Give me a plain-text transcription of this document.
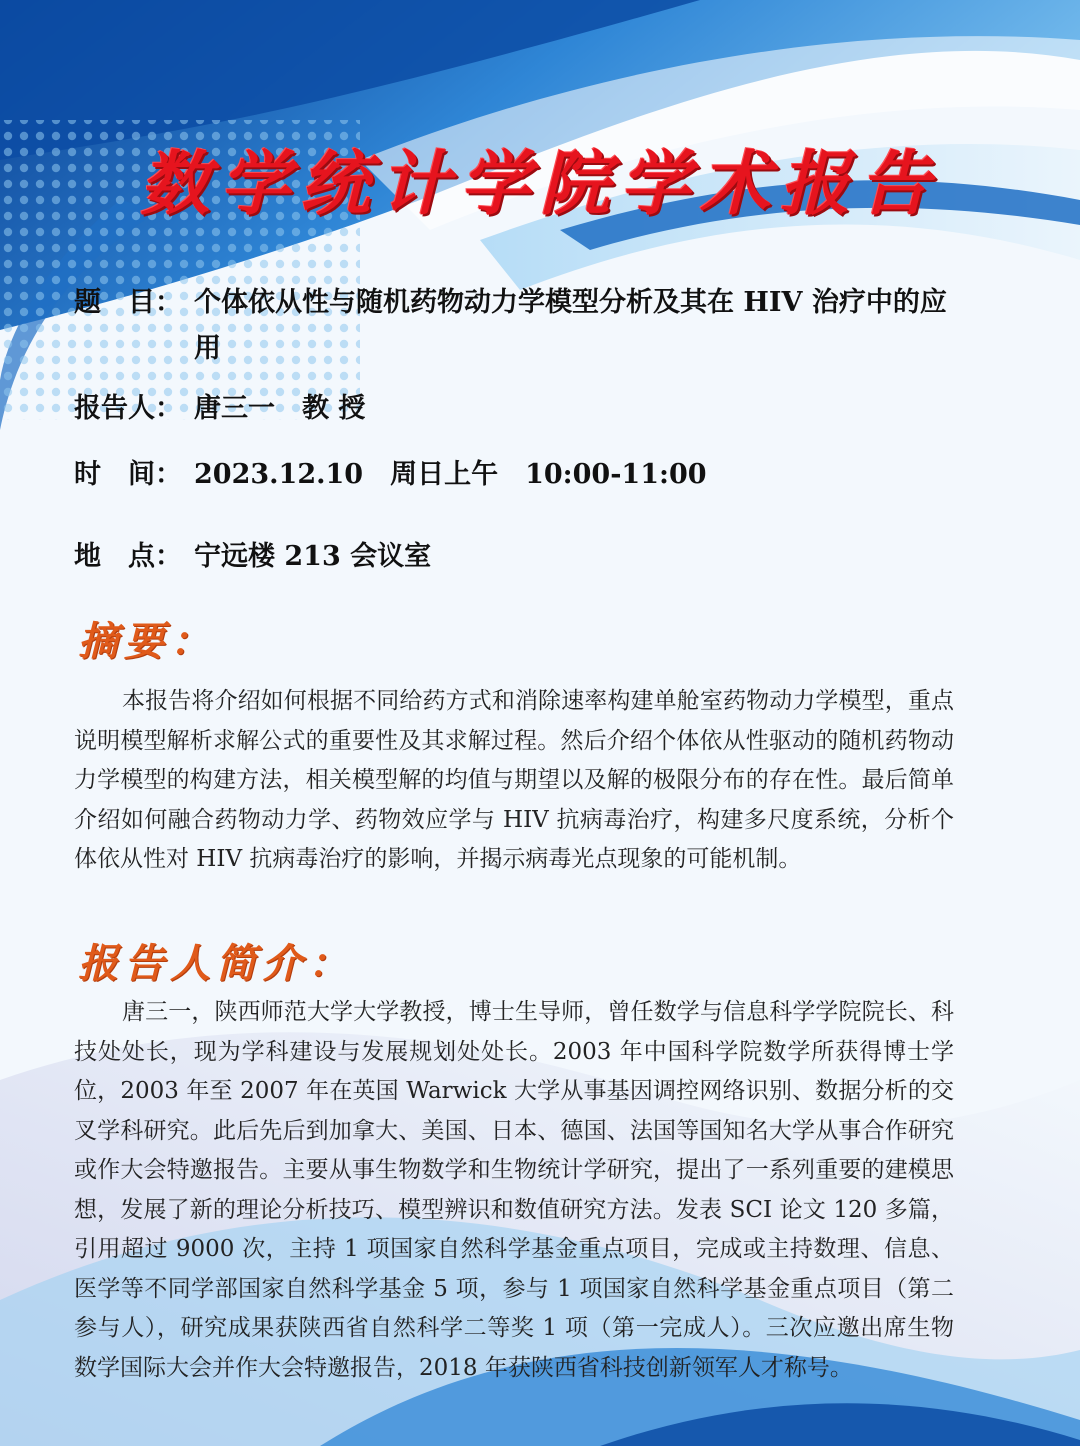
数学统计学院学术报告
题　目： 个体依从性与随机药物动力学模型分析及其在 HIV 治疗中的应用
报告人： 唐三一　教 授
时　间： 2023.12.10　周日上午　10:00-11:00
地　点： 宁远楼 213 会议室
摘要：
本报告将介绍如何根据不同给药方式和消除速率构建单舱室药物动力学模型，重点说明模型解析求解公式的重要性及其求解过程。然后介绍个体依从性驱动的随机药物动力学模型的构建方法，相关模型解的均值与期望以及解的极限分布的存在性。最后简单介绍如何融合药物动力学、药物效应学与 HIV 抗病毒治疗，构建多尺度系统，分析个体依从性对 HIV 抗病毒治疗的影响，并揭示病毒光点现象的可能机制。
报告人简介：
唐三一，陕西师范大学大学教授，博士生导师，曾任数学与信息科学学院院长、科技处处长，现为学科建设与发展规划处处长。2003 年中国科学院数学所获得博士学位，2003 年至 2007 年在英国 Warwick 大学从事基因调控网络识别、数据分析的交叉学科研究。此后先后到加拿大、美国、日本、德国、法国等国知名大学从事合作研究或作大会特邀报告。主要从事生物数学和生物统计学研究，提出了一系列重要的建模思想，发展了新的理论分析技巧、模型辨识和数值研究方法。发表 SCI 论文 120 多篇，引用超过 9000 次，主持 1 项国家自然科学基金重点项目，完成或主持数理、信息、医学等不同学部国家自然科学基金 5 项，参与 1 项国家自然科学基金重点项目（第二参与人），研究成果获陕西省自然科学二等奖 1 项（第一完成人）。三次应邀出席生物数学国际大会并作大会特邀报告，2018 年获陕西省科技创新领军人才称号。
